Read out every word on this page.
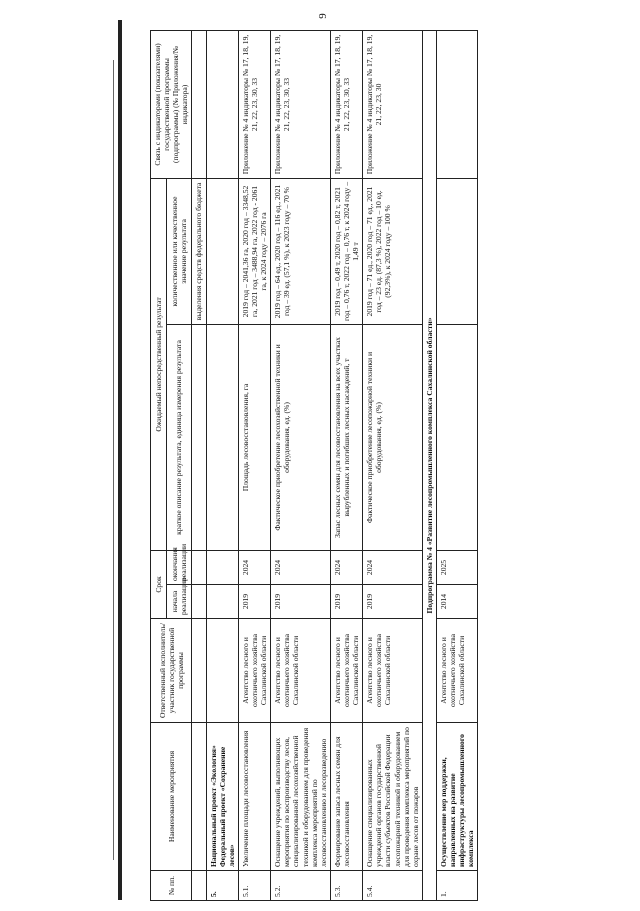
9
№ пп.	Наименование мероприятия	Ответственный исполнитель/участник государственной программы	Срок		Ожидаемый непосредственный результат		Связь с индикаторами (показателями) государственной программы (подпрограммы) (№ Приложения/№ индикатора)
			начала реализации	окончания реализации	краткое описание результата, единица измерения результата	количественное или качественное значение результата	
						выделения средств федерального бюджета	
5.	Национальный проект «Экология» Федеральный проект «Сохранение лесов»						

5.1.	Увеличение площади лесовосстановления	Агентство лесного и охотничьего хозяйства Сахалинской области	2019	2024	Площадь лесовосстановления, га	2019 год – 2041,36 га, 2020 год – 3348,52 га, 2021 год – 3488,94 га, 2022 год - 2061 га, к 2024 году – 2076 га	Приложение № 4 индикаторы № 17, 18, 19, 21, 22, 23, 30, 33
5.2.	Оснащение учреждений, выполняющих мероприятия по воспроизводству лесов, специализированной лесохозяйственной техникой и оборудованием для проведения комплекса мероприятий по лесовосстановлению и лесоразведению	Агентство лесного и охотничьего хозяйства Сахалинской области	2019	2024	Фактическое приобретение лесохозяйственной техники и оборудования, ед. (%)	2019 год – 64 ед., 2020 год – 116 ед., 2021 год – 39 ед. (57,1 %), к 2023 году – 70 %	Приложение № 4 индикаторы № 17, 18, 19, 21, 22, 23, 30, 33
5.3.	Формирование запаса лесных семян для лесовосстановления	Агентство лесного и охотничьего хозяйства Сахалинской области	2019	2024	Запас лесных семян для лесовосстановления на всех участках вырубленных и погибших лесных насаждений, т	2019 год – 0,49 т, 2020 год – 0,82 т, 2021 год – 0,76 т, 2022 год – 0,76 т, к 2024 году – 1,49 т	Приложение № 4 индикаторы № 17, 18, 19, 21, 22, 23, 30, 33
5.4.	Оснащение специализированных учреждений органов государственной власти субъектов Российской Федерации лесопожарной техникой и оборудованием для проведения комплекса мероприятий по охране лесов от пожаров	Агентство лесного и охотничьего хозяйства Сахалинской области	2019	2024	Фактическое приобретение лесопожарной техники и оборудования, ед. (%)	2019 год – 71 ед., 2020 год – 71 ед., 2021 год – 23 ед. (87,3 %), 2022 год – 10 ед. (92,3%), к 2024 году – 100 %	Приложение № 4 индикаторы № 17, 18, 19, 21, 22, 23, 30
Подпрограмма № 4 «Развитие лесопромышленного комплекса Сахалинской области»							
1.	Осуществление мер поддержки, направленных на развитие инфраструктуры лесопромышленного комплекса	Агентство лесного и охотничьего хозяйства Сахалинской области	2014	2025			
